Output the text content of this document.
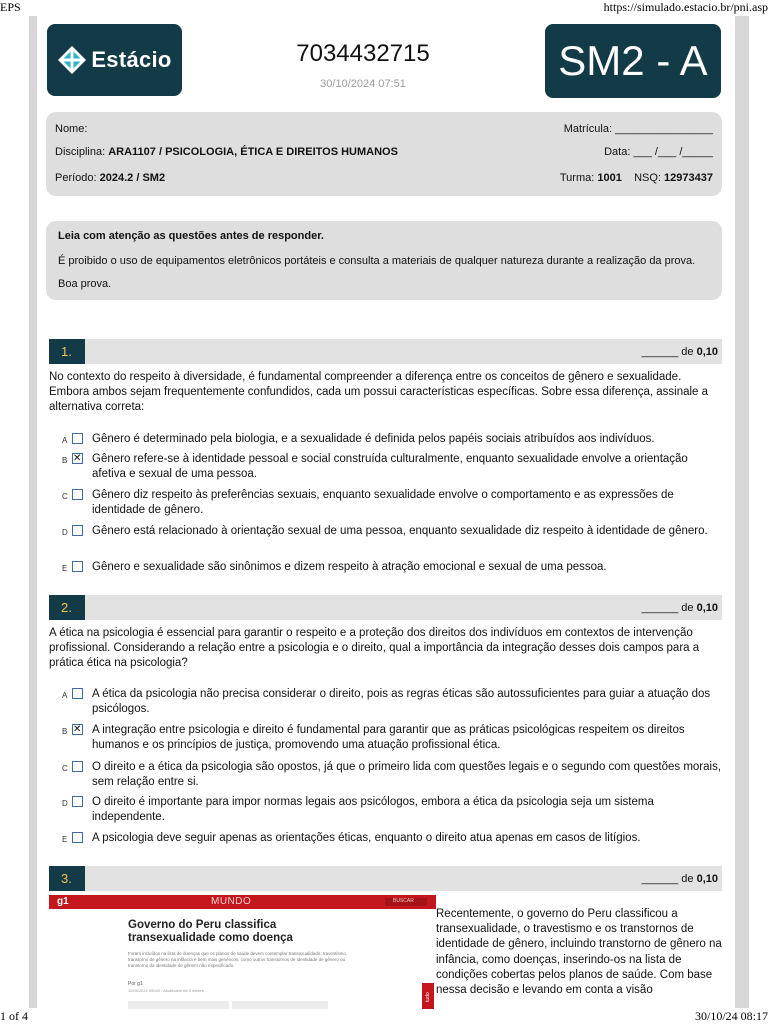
EPS	https://simulado.estacio.br/pni.asp
Estácio	7034432715
30/10/2024 07:51	SM2 - A
Nome:	Matrícula: ________________
Disciplina: ARA1107 / PSICOLOGIA, ÉTICA E DIREITOS HUMANOS	Data: ___ /___ /_____
Período: 2024.2 / SM2	Turma: 1001 NSQ: 12973437
Leia com atenção as questões antes de responder.
É proibido o uso de equipamentos eletrônicos portáteis e consulta a materiais de qualquer natureza durante a realização da prova.
Boa prova.
1.	______ de 0,10
No contexto do respeito à diversidade, é fundamental compreender a diferença entre os conceitos de gênero e sexualidade. Embora ambos sejam frequentemente confundidos, cada um possui características específicas. Sobre essa diferença, assinale a alternativa correta:
A Gênero é determinado pela biologia, e a sexualidade é definida pelos papéis sociais atribuídos aos indivíduos.
B ✕ Gênero refere-se à identidade pessoal e social construída culturalmente, enquanto sexualidade envolve a orientação afetiva e sexual de uma pessoa.
C Gênero diz respeito às preferências sexuais, enquanto sexualidade envolve o comportamento e as expressões de identidade de gênero.
D Gênero está relacionado à orientação sexual de uma pessoa, enquanto sexualidade diz respeito à identidade de gênero.
E Gênero e sexualidade são sinônimos e dizem respeito à atração emocional e sexual de uma pessoa.
2.	______ de 0,10
A ética na psicologia é essencial para garantir o respeito e a proteção dos direitos dos indivíduos em contextos de intervenção profissional. Considerando a relação entre a psicologia e o direito, qual a importância da integração desses dois campos para a prática ética na psicologia?
A A ética da psicologia não precisa considerar o direito, pois as regras éticas são autossuficientes para guiar a atuação dos psicólogos.
B ✕ A integração entre psicologia e direito é fundamental para garantir que as práticas psicológicas respeitem os direitos humanos e os princípios de justiça, promovendo uma atuação profissional ética.
C O direito e a ética da psicologia são opostos, já que o primeiro lida com questões legais e o segundo com questões morais, sem relação entre si.
D O direito é importante para impor normas legais aos psicólogos, embora a ética da psicologia seja um sistema independente.
E A psicologia deve seguir apenas as orientações éticas, enquanto o direito atua apenas em casos de litígios.
3.	______ de 0,10
g1	MUNDO	BUSCAR
Governo do Peru classifica transexualidade como doença
Foram incluídos na lista de doenças que os planos de saúde devem contemplar transexualidade, travestismo, transtorno de gênero na infância e bem mais genéricos, como outros transtornos de identidade de gênero ou transtorno da identidade de gênero não especificado.
Por g1
11/05/2024 09h40 · Atualizado há 5 meses
tudo
Recentemente, o governo do Peru classificou a transexualidade, o travestismo e os transtornos de identidade de gênero, incluindo transtorno de gênero na infância, como doenças, inserindo-os na lista de condições cobertas pelos planos de saúde. Com base nessa decisão e levando em conta a visão
1 of 4	30/10/24 08:17
